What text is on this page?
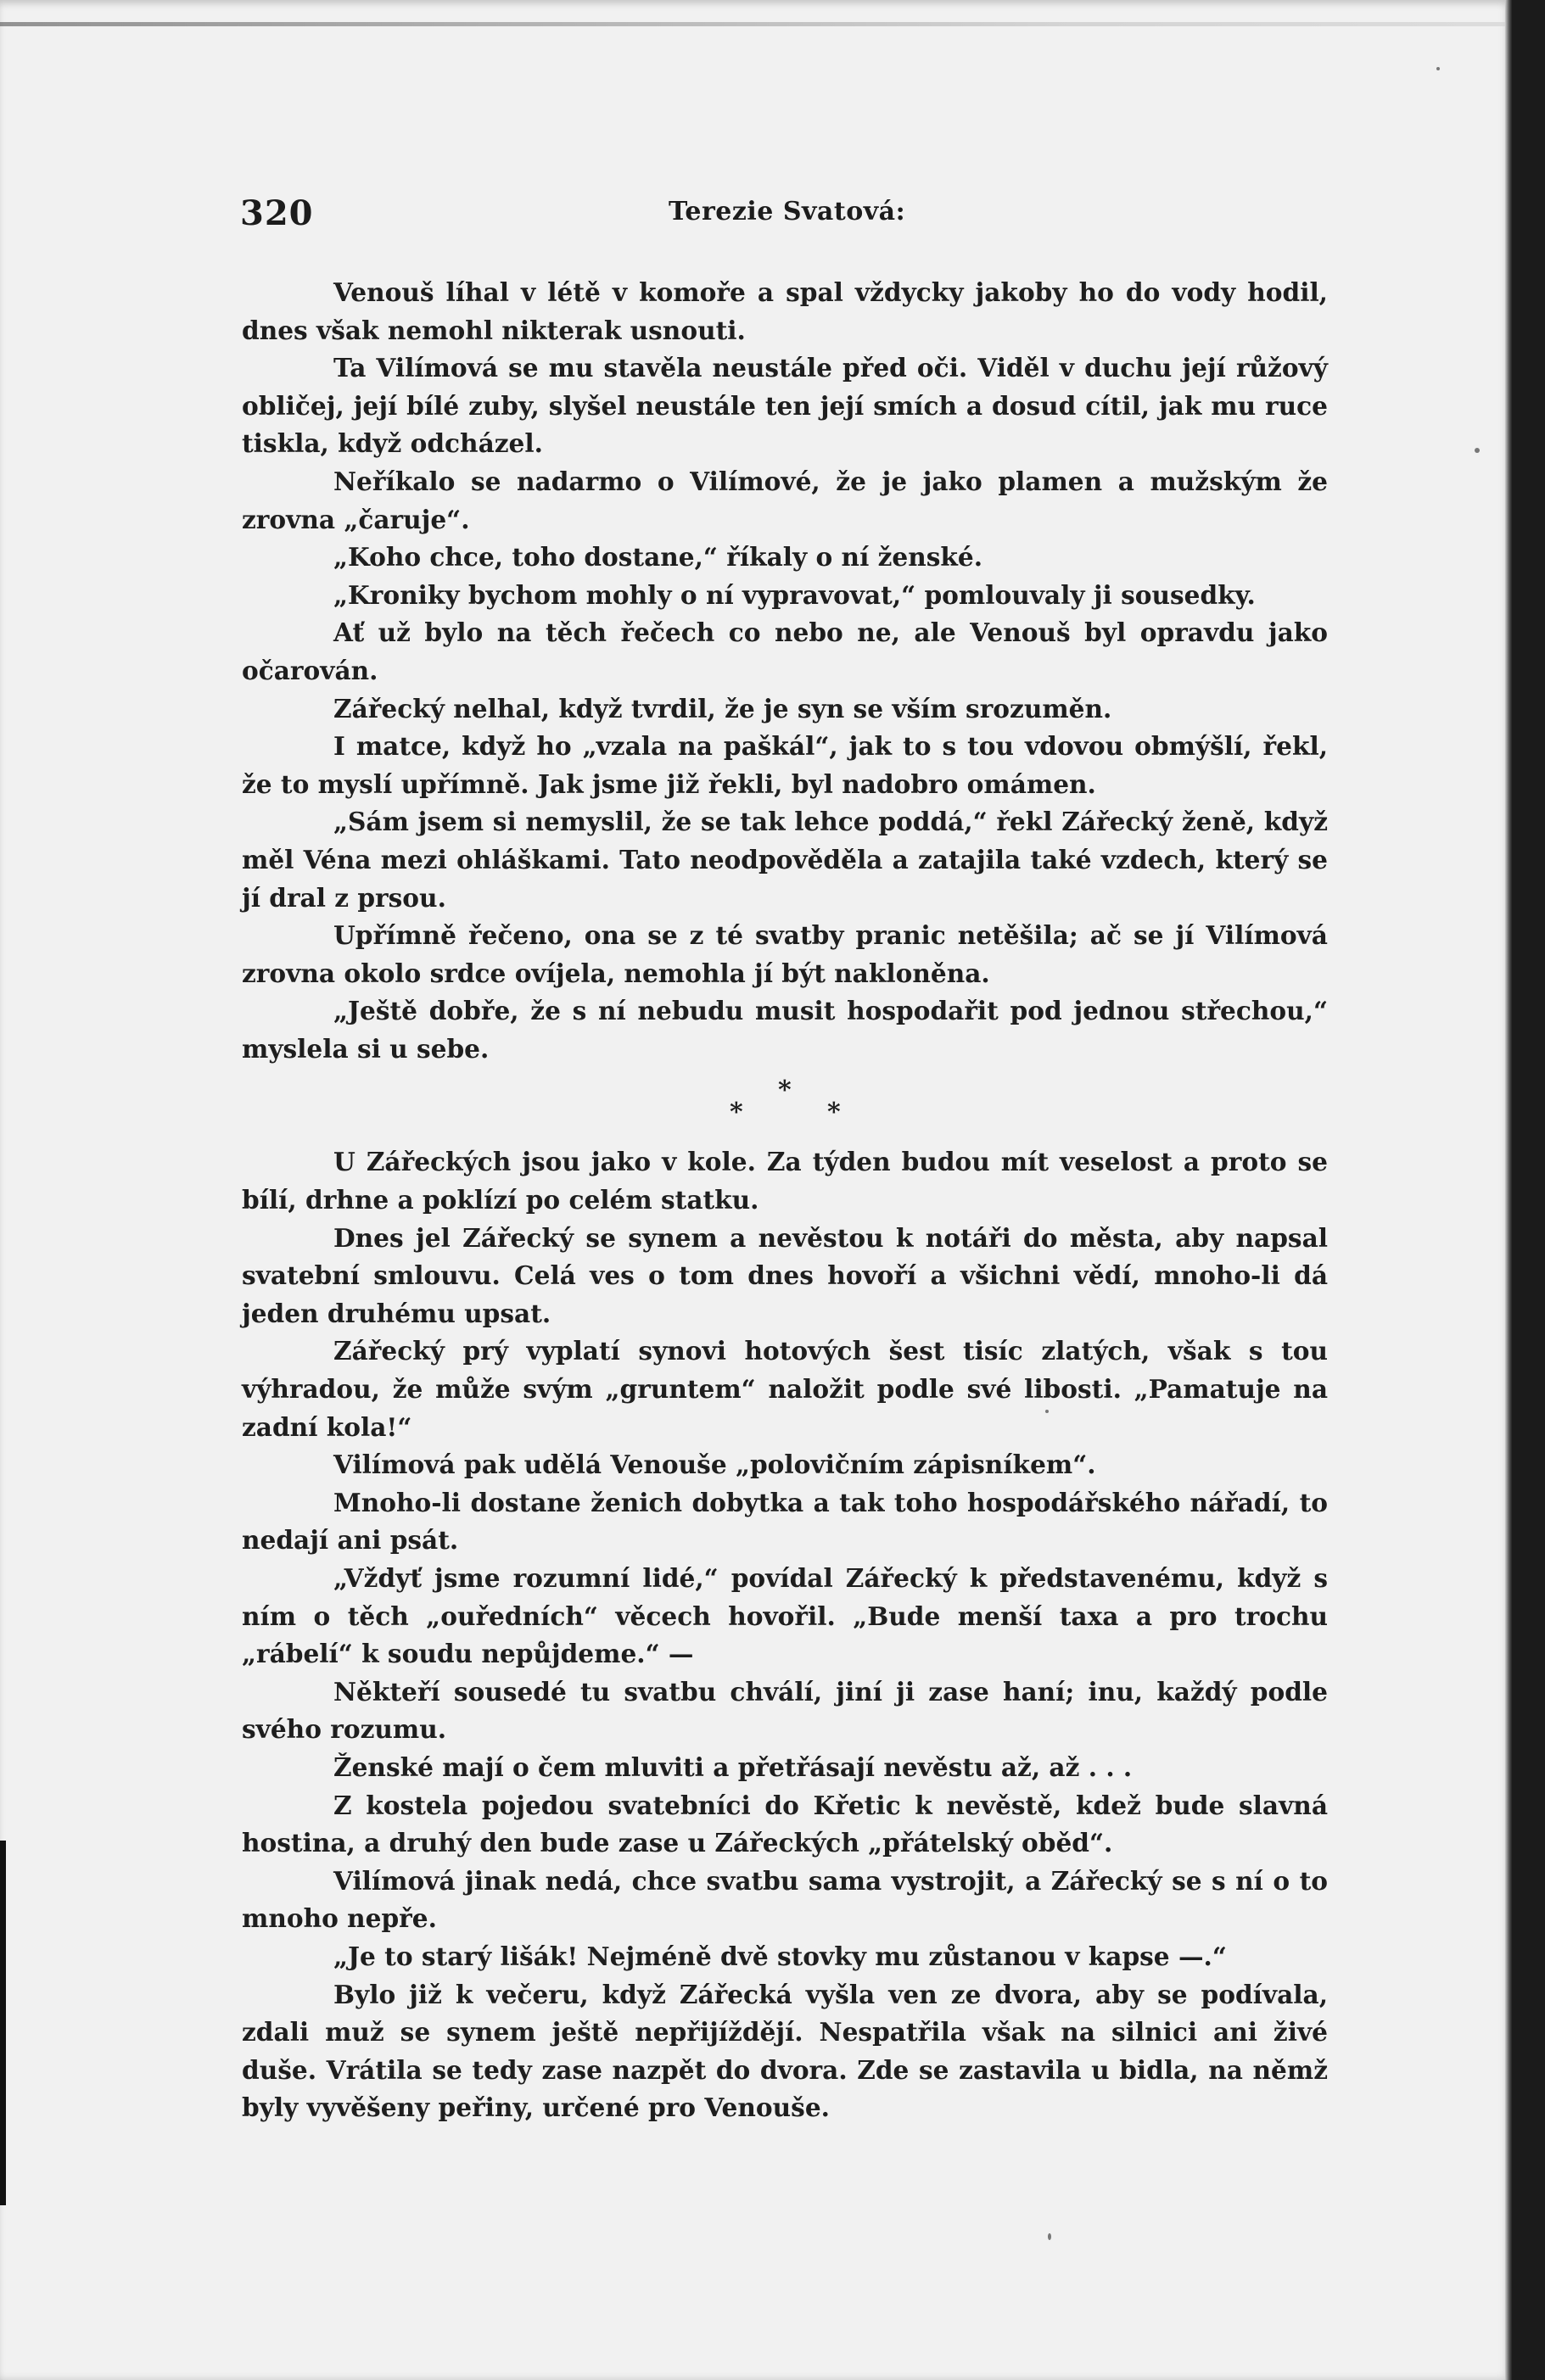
320	Terezie Svatová:

Venouš líhal v létě v komoře a spal vždycky jakoby ho do vody hodil, dnes však nemohl nikterak usnouti.

Ta Vilímová se mu stavěla neustále před oči. Viděl v duchu její růžový obličej, její bílé zuby, slyšel neustále ten její smích a dosud cítil, jak mu ruce tiskla, když odcházel.

Neříkalo se nadarmo o Vilímové, že je jako plamen a mužským že zrovna „čaruje“.

„Koho chce, toho dostane,“ říkaly o ní ženské.

„Kroniky bychom mohly o ní vypravovat,“ pomlouvaly ji sousedky.

Ať už bylo na těch řečech co nebo ne, ale Venouš byl opravdu jako očarován.

Zářecký nelhal, když tvrdil, že je syn se vším srozuměn.

I matce, když ho „vzala na paškál“, jak to s tou vdovou obmýšlí, řekl, že to myslí upřímně. Jak jsme již řekli, byl nadobro omámen.

„Sám jsem si nemyslil, že se tak lehce poddá,“ řekl Zářecký ženě, když měl Véna mezi ohláškami. Tato neodpověděla a zatajila také vzdech, který se jí dral z prsou.

Upřímně řečeno, ona se z té svatby pranic netěšila; ač se jí Vilímová zrovna okolo srdce ovíjela, nemohla jí být nakloněna.

„Ještě dobře, že s ní nebudu musit hospodařit pod jednou střechou,“ myslela si u sebe.

*
*	*

U Zářeckých jsou jako v kole. Za týden budou mít veselost a proto se bílí, drhne a poklízí po celém statku.

Dnes jel Zářecký se synem a nevěstou k notáři do města, aby napsal svatební smlouvu. Celá ves o tom dnes hovoří a všichni vědí, mnoho-li dá jeden druhému upsat.

Zářecký prý vyplatí synovi hotových šest tisíc zlatých, však s tou výhradou, že může svým „gruntem“ naložit podle své libosti. „Pamatuje na zadní kola!“

Vilímová pak udělá Venouše „polovičním zápisníkem“.

Mnoho-li dostane ženich dobytka a tak toho hospodářského nářadí, to nedají ani psát.

„Vždyť jsme rozumní lidé,“ povídal Zářecký k představenému, když s ním o těch „ouředních“ věcech hovořil. „Bude menší taxa a pro trochu „rábelí“ k soudu nepůjdeme.“ —

Někteří sousedé tu svatbu chválí, jiní ji zase haní; inu, každý podle svého rozumu.

Ženské mají o čem mluviti a přetřásají nevěstu až, až . . .

Z kostela pojedou svatebníci do Křetic k nevěstě, kdež bude slavná hostina, a druhý den bude zase u Zářeckých „přátelský oběd“.

Vilímová jinak nedá, chce svatbu sama vystrojit, a Zářecký se s ní o to mnoho nepře.

„Je to starý lišák! Nejméně dvě stovky mu zůstanou v kapse —.“

Bylo již k večeru, když Zářecká vyšla ven ze dvora, aby se podívala, zdali muž se synem ještě nepřijíždějí. Nespatřila však na silnici ani živé duše. Vrátila se tedy zase nazpět do dvora. Zde se zastavila u bidla, na němž byly vyvěšeny peřiny, určené pro Venouše.
